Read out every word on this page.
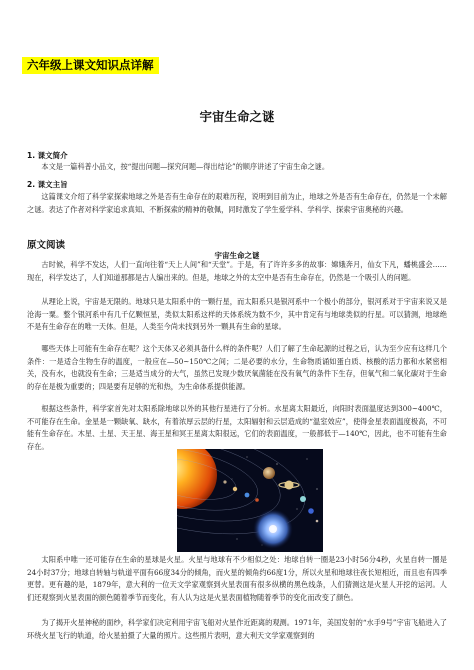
六年级上课文知识点详解
宇宙生命之谜
1. 课文简介

本文是一篇科普小品文，按“提出问题—探究问题—得出结论”的顺序讲述了宇宙生命之谜。

2. 课文主旨

这篇课文介绍了科学家探索地球之外是否有生命存在的艰难历程，说明到目前为止，地球之外是否有生命存在，仍然是一个未解之谜。表达了作者对科学家追求真知、不断探索的精神的敬佩，同时激发了学生爱学科、学科学、探索宇宙奥秘的兴趣。

原文阅读
宇宙生命之谜

古时候，科学不发达，人们一直向往着“天上人间”和“天堂”。于是，有了许许多多的故事：嫦娥奔月，仙女下凡，蟠桃盛会……现在，科学发达了，人们知道那都是古人编出来的。但是，地球之外的太空中是否有生命存在，仍然是一个吸引人的问题。

从理论上说，宇宙是无限的。地球只是太阳系中的一颗行星，而太阳系只是银河系中一个极小的部分，银河系对于宇宙来说又是沧海一粟。整个银河系中有几千亿颗恒星，类似太阳系这样的天体系统为数不少，其中肯定有与地球类似的行星。可以猜测，地球绝不是有生命存在的唯一天体。但是，人类至今尚未找到另外一颗具有生命的星球。

哪些天体上可能有生命存在呢？这个天体又必须具备什么样的条件呢？人们了解了生命起源的过程之后，认为至少应有这样几个条件：一是适合生物生存的温度，一般应在—50~150℃之间；二是必要的水分，生命物质诵如蛋白质、核酸的活力都和水紧密相关，没有水，也就没有生命；三是适当成分的大气，虽然已发现少数厌氧菌能在没有氧气的条件下生存，但氧气和二氧化碳对于生命的存在是极为重要的；四是要有足够的光和热，为生命体系提供能源。

根据这些条件，科学家首先对太阳系除地球以外的其他行星进行了分析。水星离太阳最近，向阳时表面温度达到300~400℃，不可能存在生命。金星是一颗缺氧、缺水，有着浓厚云层的行星，太阳辐射和云层造成的“温室效应”，使得金星表面温度极高，不可能有生命存在。木星、土星、天王星、海王星和冥王星离太阳很远，它们的表面温度，一般都低于—140℃，因此，也不可能有生命存在。

太阳系中唯一还可能存在生命的星球是火星。火星与地球有不少相似之处：地球自转一圈是23小时56分4秒，火星自转一圈是24小时37分；地球自转轴与轨道平面有66度34分的倾角，而火星的倾角约66度1分，所以火星和地球往夜长短相近，而且也有四季更替。更有趣的是，1879年，意大利的一位天文学家观察到火星表面有很多纵横的黑色线条，人们猜测这是火星人开挖的运河。人们还观察到火星表面的颜色随着季节而变化，有人认为这是火星表面植物随着季节的变化而改变了颜色。

为了揭开火星神秘的面纱，科学家们决定利用宇宙飞船对火星作近距离的观测。1971年，美国发射的“水手9号”宇宙飞船进入了环绕火星飞行的轨道，给火星拍摄了大量的照片。这些照片表明，意大利天文学家观察到的
